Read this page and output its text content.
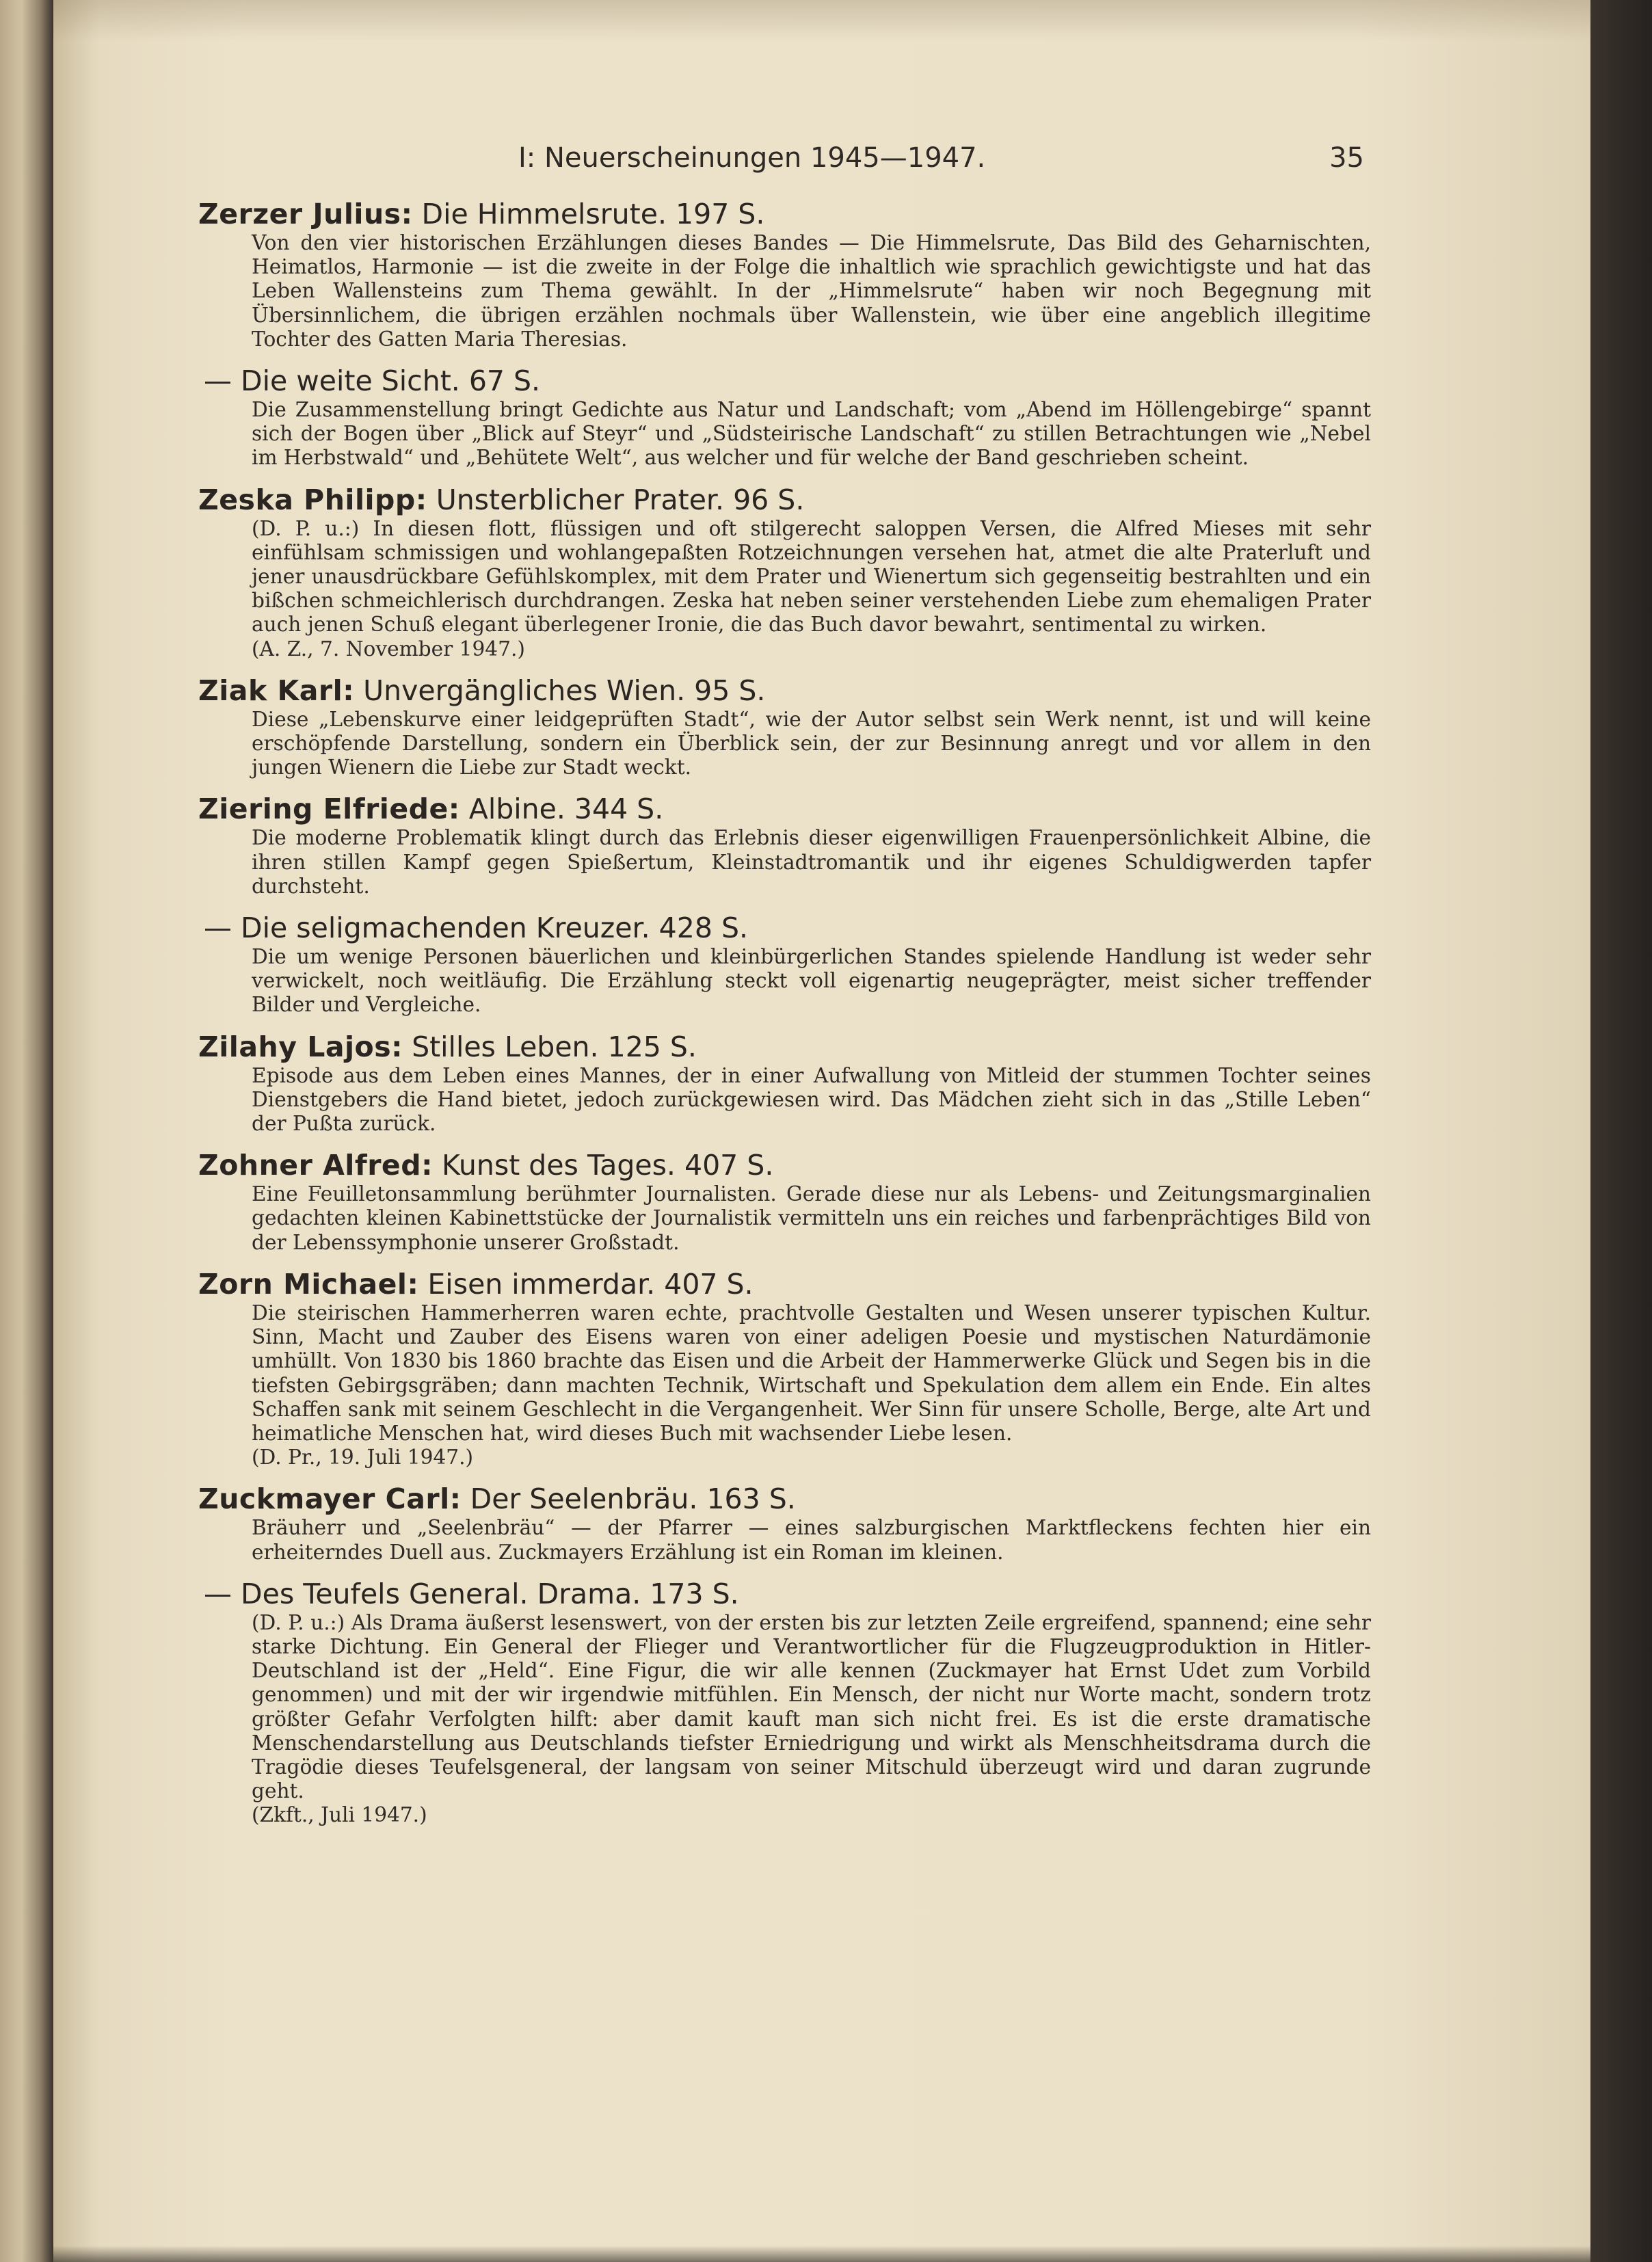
I: Neuerscheinungen 1945—1947.	35
Zerzer Julius: Die Himmelsrute. 197 S.
Von den vier historischen Erzählungen dieses Bandes — Die Himmelsrute, Das Bild des Geharnischten, Heimatlos, Harmonie — ist die zweite in der Folge die inhaltlich wie sprachlich gewichtigste und hat das Leben Wallensteins zum Thema gewählt. In der „Himmelsrute“ haben wir noch Begegnung mit Übersinnlichem, die übrigen erzählen nochmals über Wallenstein, wie über eine angeblich illegitime Tochter des Gatten Maria Theresias.
— Die weite Sicht. 67 S.
Die Zusammenstellung bringt Gedichte aus Natur und Landschaft; vom „Abend im Höllengebirge“ spannt sich der Bogen über „Blick auf Steyr“ und „Südsteirische Landschaft“ zu stillen Betrachtungen wie „Nebel im Herbstwald“ und „Behütete Welt“, aus welcher und für welche der Band geschrieben scheint.
Zeska Philipp: Unsterblicher Prater. 96 S.
(D. P. u.:) In diesen flott, flüssigen und oft stilgerecht saloppen Versen, die Alfred Mieses mit sehr einfühlsam schmissigen und wohlangepaßten Rotzeichnungen versehen hat, atmet die alte Praterluft und jener unausdrückbare Gefühlskomplex, mit dem Prater und Wienertum sich gegenseitig bestrahlten und ein bißchen schmeichlerisch durchdrangen. Zeska hat neben seiner verstehenden Liebe zum ehemaligen Prater auch jenen Schuß elegant überlegener Ironie, die das Buch davor bewahrt, sentimental zu wirken.
(A. Z., 7. November 1947.)
Ziak Karl: Unvergängliches Wien. 95 S.
Diese „Lebenskurve einer leidgeprüften Stadt“, wie der Autor selbst sein Werk nennt, ist und will keine erschöpfende Darstellung, sondern ein Überblick sein, der zur Besinnung anregt und vor allem in den jungen Wienern die Liebe zur Stadt weckt.
Ziering Elfriede: Albine. 344 S.
Die moderne Problematik klingt durch das Erlebnis dieser eigenwilligen Frauenpersönlichkeit Albine, die ihren stillen Kampf gegen Spießertum, Kleinstadtromantik und ihr eigenes Schuldigwerden tapfer durchsteht.
— Die seligmachenden Kreuzer. 428 S.
Die um wenige Personen bäuerlichen und kleinbürgerlichen Standes spielende Handlung ist weder sehr verwickelt, noch weitläufig. Die Erzählung steckt voll eigenartig neugeprägter, meist sicher treffender Bilder und Vergleiche.
Zilahy Lajos: Stilles Leben. 125 S.
Episode aus dem Leben eines Mannes, der in einer Aufwallung von Mitleid der stummen Tochter seines Dienstgebers die Hand bietet, jedoch zurückgewiesen wird. Das Mädchen zieht sich in das „Stille Leben“ der Pußta zurück.
Zohner Alfred: Kunst des Tages. 407 S.
Eine Feuilletonsammlung berühmter Journalisten. Gerade diese nur als Lebens- und Zeitungsmarginalien gedachten kleinen Kabinettstücke der Journalistik vermitteln uns ein reiches und farbenprächtiges Bild von der Lebenssymphonie unserer Großstadt.
Zorn Michael: Eisen immerdar. 407 S.
Die steirischen Hammerherren waren echte, prachtvolle Gestalten und Wesen unserer typischen Kultur. Sinn, Macht und Zauber des Eisens waren von einer adeligen Poesie und mystischen Naturdämonie umhüllt. Von 1830 bis 1860 brachte das Eisen und die Arbeit der Hammerwerke Glück und Segen bis in die tiefsten Gebirgsgräben; dann machten Technik, Wirtschaft und Spekulation dem allem ein Ende. Ein altes Schaffen sank mit seinem Geschlecht in die Vergangenheit. Wer Sinn für unsere Scholle, Berge, alte Art und heimatliche Menschen hat, wird dieses Buch mit wachsender Liebe lesen.
(D. Pr., 19. Juli 1947.)
Zuckmayer Carl: Der Seelenbräu. 163 S.
Bräuherr und „Seelenbräu“ — der Pfarrer — eines salzburgischen Marktfleckens fechten hier ein erheiterndes Duell aus. Zuckmayers Erzählung ist ein Roman im kleinen.
— Des Teufels General. Drama. 173 S.
(D. P. u.:) Als Drama äußerst lesenswert, von der ersten bis zur letzten Zeile ergreifend, spannend; eine sehr starke Dichtung. Ein General der Flieger und Verantwortlicher für die Flugzeugproduktion in Hitler-Deutschland ist der „Held“. Eine Figur, die wir alle kennen (Zuckmayer hat Ernst Udet zum Vorbild genommen) und mit der wir irgendwie mitfühlen. Ein Mensch, der nicht nur Worte macht, sondern trotz größter Gefahr Verfolgten hilft: aber damit kauft man sich nicht frei. Es ist die erste dramatische Menschendarstellung aus Deutschlands tiefster Erniedrigung und wirkt als Menschheitsdrama durch die Tragödie dieses Teufelsgeneral, der langsam von seiner Mitschuld überzeugt wird und daran zugrunde geht.
(Zkft., Juli 1947.)
